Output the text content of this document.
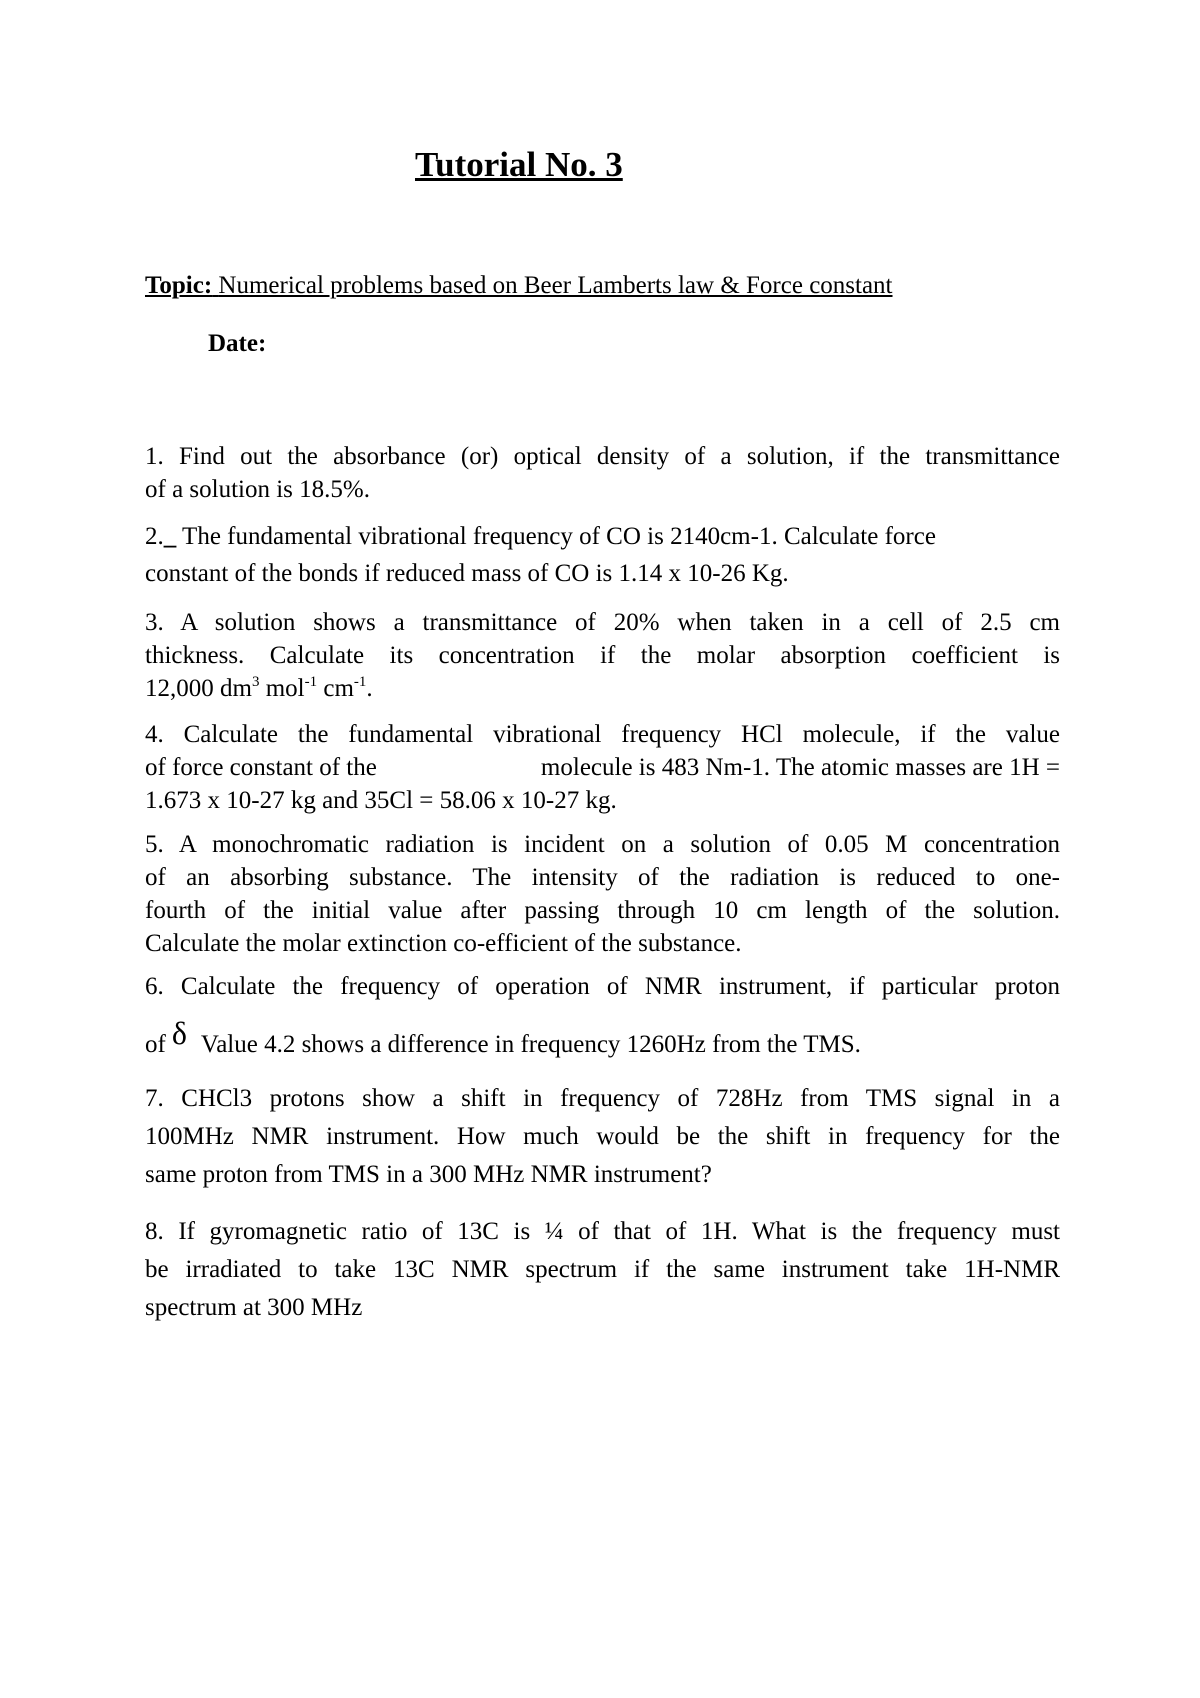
Tutorial No. 3
Topic: Numerical problems based on Beer Lamberts law & Force constant
Date:
1. Find out the absorbance (or) optical density of a solution, if the transmittance
of a solution is 18.5%.
2._ The fundamental vibrational frequency of CO is 2140cm-1. Calculate force
constant of the bonds if reduced mass of CO is 1.14 x 10-26 Kg.
3. A solution shows a transmittance of 20% when taken in a cell of 2.5 cm
thickness. Calculate its concentration if the molar absorption coefficient is
12,000 $dm^3$ mol$^{-1}$ $cm^{-1}$.
4. Calculate the fundamental vibrational frequency HCl molecule, if the value
of force constant of the	molecule is 483 Nm-1. The atomic masses are 1H =
1.673 x 10-27 kg and 35Cl = 58.06 x 10-27 kg.
5. A monochromatic radiation is incident on a solution of 0.05 M concentration
of an absorbing substance. The intensity of the radiation is reduced to one-
fourth of the initial value after passing through 10 cm length of the solution.
Calculate the molar extinction co-efficient of the substance.
6. Calculate the frequency of operation of NMR instrument, if particular proton
of δ Value 4.2 shows a difference in frequency 1260Hz from the TMS.
7. CHCl3 protons show a shift in frequency of 728Hz from TMS signal in a
100MHz NMR instrument. How much would be the shift in frequency for the
same proton from TMS in a 300 MHz NMR instrument?
8. If gyromagnetic ratio of 13C is ¼ of that of 1H. What is the frequency must
be irradiated to take 13C NMR spectrum if the same instrument take 1H-NMR
spectrum at 300 MHz
